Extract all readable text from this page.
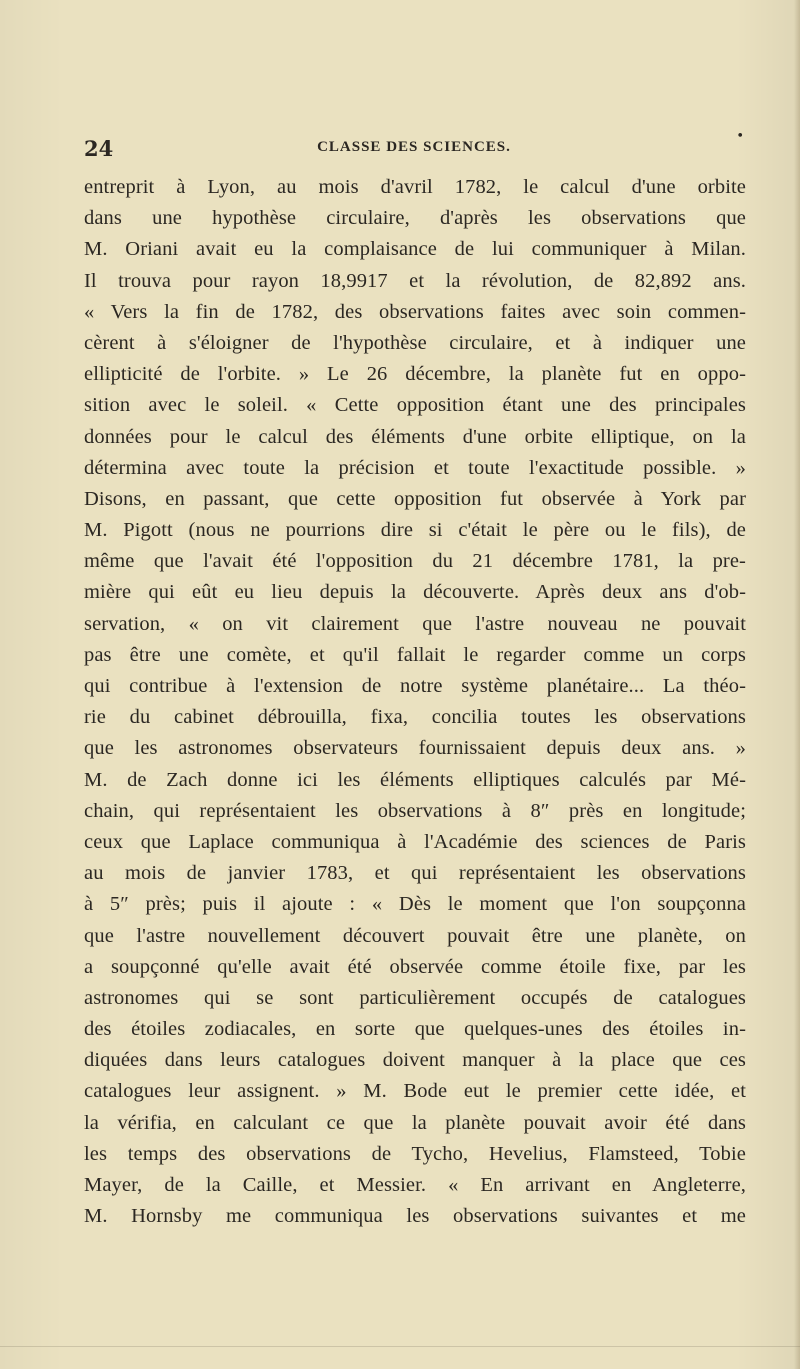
24	CLASSE DES SCIENCES.
•
entreprit à Lyon, au mois d'avril 1782, le calcul d'une orbite
dans une hypothèse circulaire, d'après les observations que
M. Oriani avait eu la complaisance de lui communiquer à Milan.
Il trouva pour rayon 18,9917 et la révolution, de 82,892 ans.
« Vers la fin de 1782, des observations faites avec soin commen-
cèrent à s'éloigner de l'hypothèse circulaire, et à indiquer une
ellipticité de l'orbite. » Le 26 décembre, la planète fut en oppo-
sition avec le soleil. « Cette opposition étant une des principales
données pour le calcul des éléments d'une orbite elliptique, on la
détermina avec toute la précision et toute l'exactitude possible. »
Disons, en passant, que cette opposition fut observée à York par
M. Pigott (nous ne pourrions dire si c'était le père ou le fils), de
même que l'avait été l'opposition du 21 décembre 1781, la pre-
mière qui eût eu lieu depuis la découverte. Après deux ans d'ob-
servation, « on vit clairement que l'astre nouveau ne pouvait
pas être une comète, et qu'il fallait le regarder comme un corps
qui contribue à l'extension de notre système planétaire... La théo-
rie du cabinet débrouilla, fixa, concilia toutes les observations
que les astronomes observateurs fournissaient depuis deux ans. »
M. de Zach donne ici les éléments elliptiques calculés par Mé-
chain, qui représentaient les observations à 8″ près en longitude;
ceux que Laplace communiqua à l'Académie des sciences de Paris
au mois de janvier 1783, et qui représentaient les observations
à 5″ près; puis il ajoute : « Dès le moment que l'on soupçonna
que l'astre nouvellement découvert pouvait être une planète, on
a soupçonné qu'elle avait été observée comme étoile fixe, par les
astronomes qui se sont particulièrement occupés de catalogues
des étoiles zodiacales, en sorte que quelques-unes des étoiles in-
diquées dans leurs catalogues doivent manquer à la place que ces
catalogues leur assignent. » M. Bode eut le premier cette idée, et
la vérifia, en calculant ce que la planète pouvait avoir été dans
les temps des observations de Tycho, Hevelius, Flamsteed, Tobie
Mayer, de la Caille, et Messier. « En arrivant en Angleterre,
M. Hornsby me communiqua les observations suivantes et me
